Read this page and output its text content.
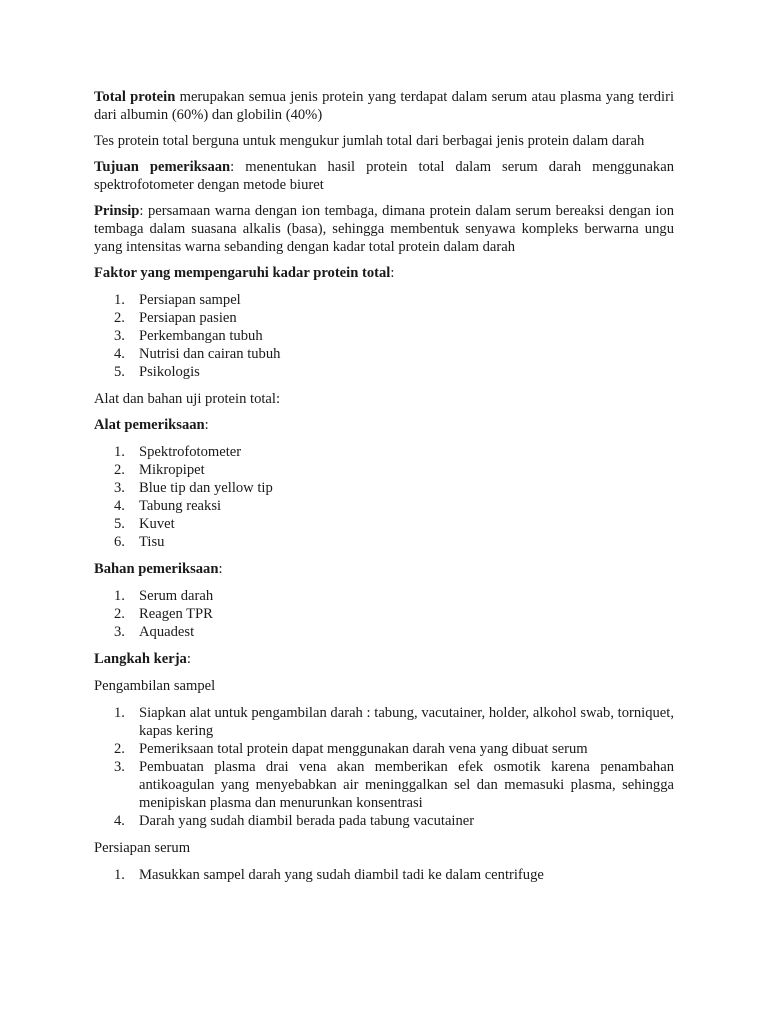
Total protein merupakan semua jenis protein yang terdapat dalam serum atau plasma yang terdiri dari albumin (60%) dan globilin (40%)

Tes protein total berguna untuk mengukur jumlah total dari berbagai jenis protein dalam darah

Tujuan pemeriksaan: menentukan hasil protein total dalam serum darah menggunakan spektrofotometer dengan metode biuret

Prinsip: persamaan warna dengan ion tembaga, dimana protein dalam serum bereaksi dengan ion tembaga dalam suasana alkalis (basa), sehingga membentuk senyawa kompleks berwarna ungu yang intensitas warna sebanding dengan kadar total protein dalam darah

Faktor yang mempengaruhi kadar protein total:

1. Persiapan sampel
2. Persiapan pasien
3. Perkembangan tubuh
4. Nutrisi dan cairan tubuh
5. Psikologis

Alat dan bahan uji protein total:

Alat pemeriksaan:

1. Spektrofotometer
2. Mikropipet
3. Blue tip dan yellow tip
4. Tabung reaksi
5. Kuvet
6. Tisu

Bahan pemeriksaan:

1. Serum darah
2. Reagen TPR
3. Aquadest

Langkah kerja:

Pengambilan sampel

1. Siapkan alat untuk pengambilan darah : tabung, vacutainer, holder, alkohol swab, torniquet, kapas kering
2. Pemeriksaan total protein dapat menggunakan darah vena yang dibuat serum
3. Pembuatan plasma drai vena akan memberikan efek osmotik karena penambahan antikoagulan yang menyebabkan air meninggalkan sel dan memasuki plasma, sehingga menipiskan plasma dan menurunkan konsentrasi
4. Darah yang sudah diambil berada pada tabung vacutainer

Persiapan serum

1. Masukkan sampel darah yang sudah diambil tadi ke dalam centrifuge
